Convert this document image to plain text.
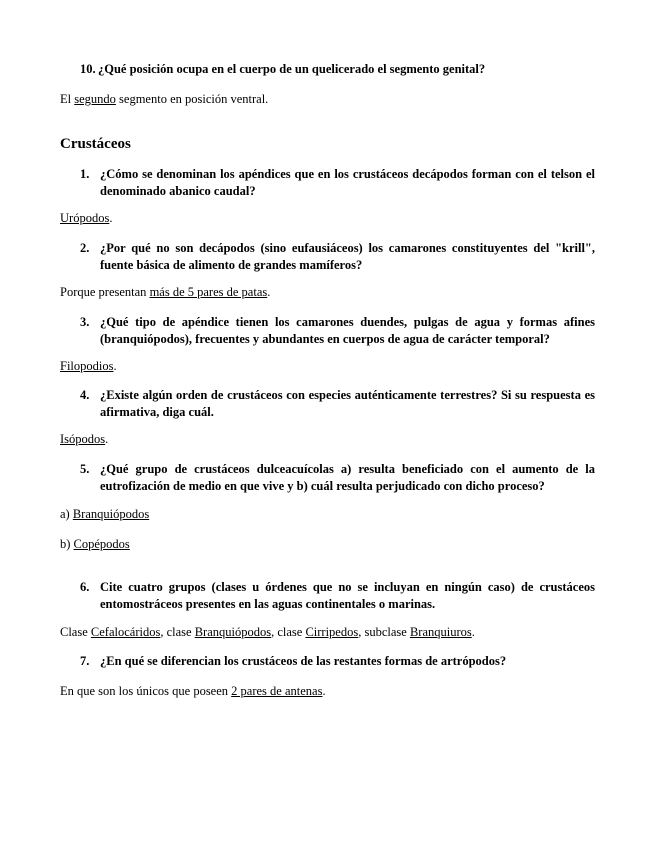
10. ¿Qué posición ocupa en el cuerpo de un quelicerado el segmento genital?
El segundo segmento en posición ventral.
Crustáceos
1. ¿Cómo se denominan los apéndices que en los crustáceos decápodos forman con el telson el denominado abanico caudal?
Urópodos.
2. ¿Por qué no son decápodos (sino eufausiáceos) los camarones constituyentes del "krill", fuente básica de alimento de grandes mamíferos?
Porque presentan más de 5 pares de patas.
3. ¿Qué tipo de apéndice tienen los camarones duendes, pulgas de agua y formas afines (branquiópodos), frecuentes y abundantes en cuerpos de agua de carácter temporal?
Filopodios.
4. ¿Existe algún orden de crustáceos con especies auténticamente terrestres? Si su respuesta es afirmativa, diga cuál.
Isópodos.
5. ¿Qué grupo de crustáceos dulceacuícolas a) resulta beneficiado con el aumento de la eutrofización de medio en que vive y b) cuál resulta perjudicado con dicho proceso?
a) Branquiópodos
b) Copépodos
6. Cite cuatro grupos (clases u órdenes que no se incluyan en ningún caso) de crustáceos entomostráceos presentes en las aguas continentales o marinas.
Clase Cefalocáridos, clase Branquiópodos, clase Cirripedos, subclase Branquiuros.
7. ¿En qué se diferencian los crustáceos de las restantes formas de artrópodos?
En que son los únicos que poseen 2 pares de antenas.
